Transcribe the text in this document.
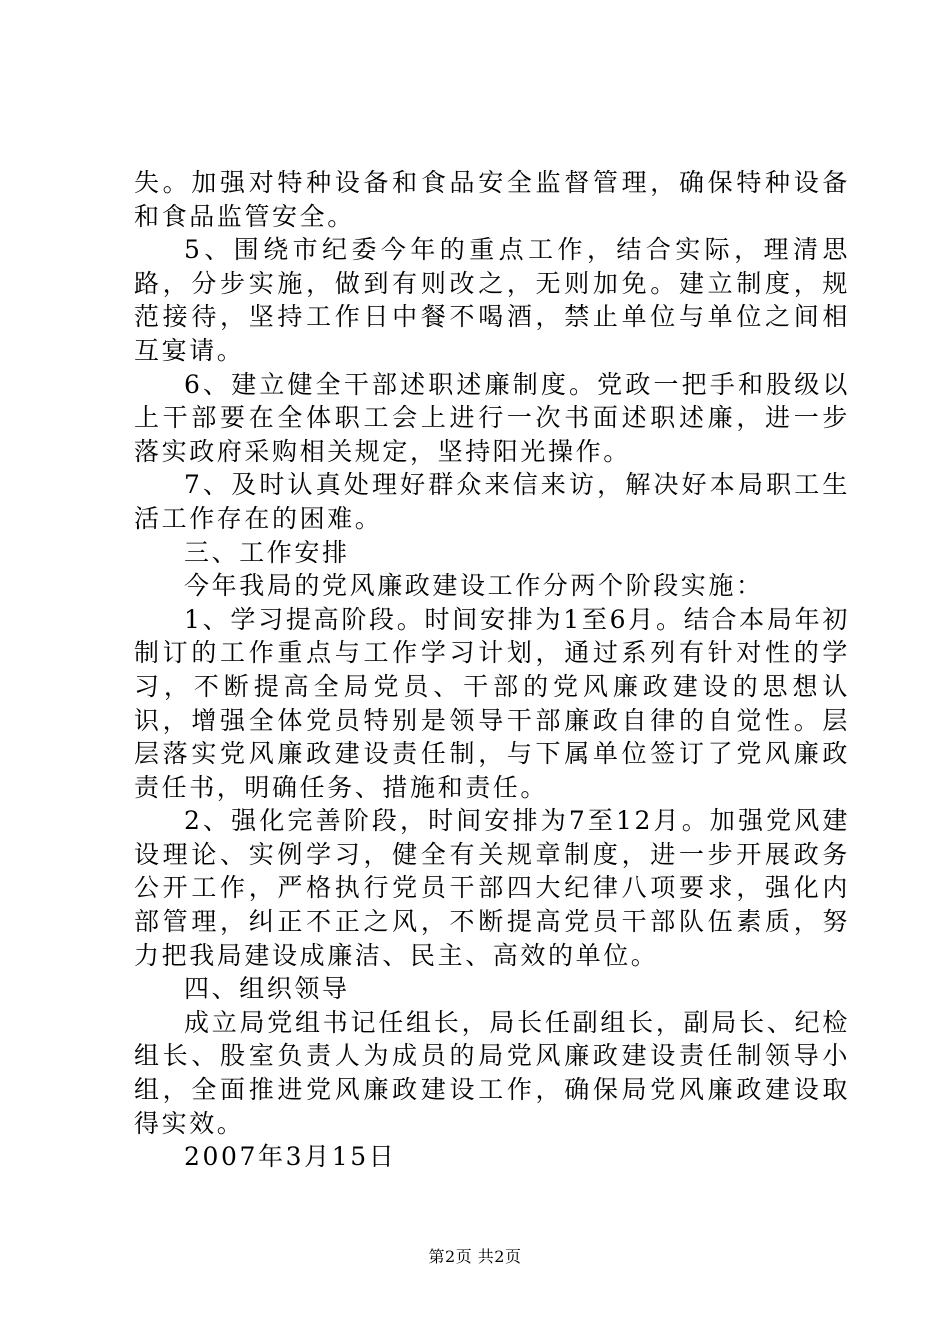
失。加强对特种设备和食品安全监督管理，确保特种设备和食品监管安全。

5、围绕市纪委今年的重点工作，结合实际，理清思路，分步实施，做到有则改之，无则加免。建立制度，规范接待，坚持工作日中餐不喝酒，禁止单位与单位之间相互宴请。

6、建立健全干部述职述廉制度。党政一把手和股级以上干部要在全体职工会上进行一次书面述职述廉，进一步落实政府采购相关规定，坚持阳光操作。

7、及时认真处理好群众来信来访，解决好本局职工生活工作存在的困难。

三、工作安排

今年我局的党风廉政建设工作分两个阶段实施：

1、学习提高阶段。时间安排为1至6月。结合本局年初制订的工作重点与工作学习计划，通过系列有针对性的学习，不断提高全局党员、干部的党风廉政建设的思想认识，增强全体党员特别是领导干部廉政自律的自觉性。层层落实党风廉政建设责任制，与下属单位签订了党风廉政责任书，明确任务、措施和责任。

2、强化完善阶段，时间安排为7至12月。加强党风建设理论、实例学习，健全有关规章制度，进一步开展政务公开工作，严格执行党员干部四大纪律八项要求，强化内部管理，纠正不正之风，不断提高党员干部队伍素质，努力把我局建设成廉洁、民主、高效的单位。

四、组织领导

成立局党组书记任组长，局长任副组长，副局长、纪检组长、股室负责人为成员的局党风廉政建设责任制领导小组，全面推进党风廉政建设工作，确保局党风廉政建设取得实效。

2007年3月15日

第2页 共2页
